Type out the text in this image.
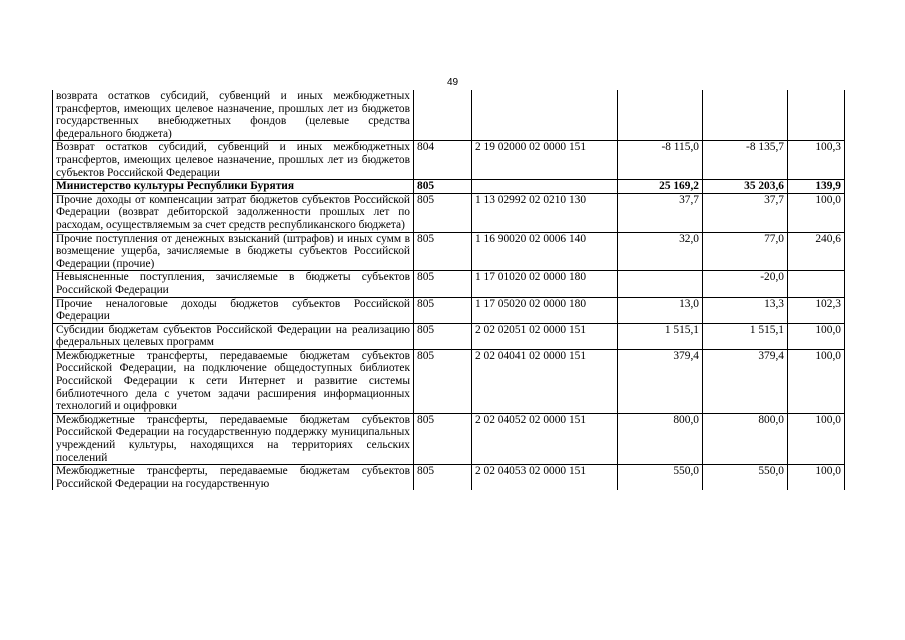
49
возврата остатков субсидий, субвенций и иных межбюджетных трансфертов, имеющих целевое назначение, прошлых лет из бюджетов государственных внебюджетных фондов (целевые средства федерального бюджета)					
Возврат остатков субсидий, субвенций и иных межбюджетных трансфертов, имеющих целевое назначение, прошлых лет из бюджетов субъектов Российской Федерации	804	2 19 02000 02 0000 151	-8 115,0	-8 135,7	100,3
Министерство культуры Республики Бурятия	805		25 169,2	35 203,6	139,9
Прочие доходы от компенсации затрат бюджетов субъектов Российской Федерации (возврат дебиторской задолженности прошлых лет по расходам, осуществляемым за счет средств республиканского бюджета)	805	1 13 02992 02 0210 130	37,7	37,7	100,0
Прочие поступления от денежных взысканий (штрафов) и иных сумм в возмещение ущерба, зачисляемые в бюджеты субъектов Российской Федерации (прочие)	805	1 16 90020 02 0006 140	32,0	77,0	240,6
Невыясненные поступления, зачисляемые в бюджеты субъектов Российской Федерации	805	1 17 01020 02 0000 180		-20,0	
Прочие неналоговые доходы бюджетов субъектов Российской Федерации	805	1 17 05020 02 0000 180	13,0	13,3	102,3
Субсидии бюджетам субъектов Российской Федерации на реализацию федеральных целевых программ	805	2 02 02051 02 0000 151	1 515,1	1 515,1	100,0
Межбюджетные трансферты, передаваемые бюджетам субъектов Российской Федерации, на подключение общедоступных библиотек Российской Федерации к сети Интернет и развитие системы библиотечного дела с учетом задачи расширения информационных технологий и оцифровки	805	2 02 04041 02 0000 151	379,4	379,4	100,0
Межбюджетные трансферты, передаваемые бюджетам субъектов Российской Федерации на государственную поддержку муниципальных учреждений культуры, находящихся на территориях сельских поселений	805	2 02 04052 02 0000 151	800,0	800,0	100,0
Межбюджетные трансферты, передаваемые бюджетам субъектов Российской Федерации на государственную	805	2 02 04053 02 0000 151	550,0	550,0	100,0
